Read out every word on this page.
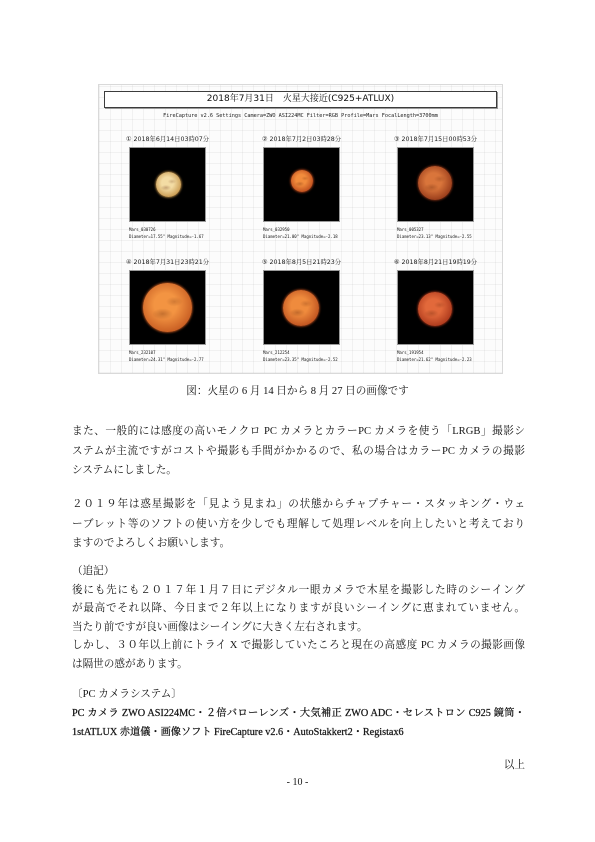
2018年7月31日　火星大接近(C925+ATLUX)
FireCapture v2.6 Settings Camera=ZWO ASI224MC Filter=RGB Profile=Mars FocalLength=3700mm
① 2018年6月14日03時07分
Mars_030726
Diameter=17.55" Magnitude=-1.67
② 2018年7月2日03時28分
Mars_032950
Diameter=21.00" Magnitude=-2.18
③ 2018年7月15日00時53分
Mars_005327
Diameter=23.13" Magnitude=-2.55
④ 2018年7月31日23時21分
Mars_232107
Diameter=24.31" Magnitude=-2.77
⑤ 2018年8月5日21時23分
Mars_212254
Diameter=23.35" Magnitude=-2.52
⑥ 2018年8月21日19時19分
Mars_191954
Diameter=21.62" Magnitude=-2.23
図：火星の 6 月 14 日から 8 月 27 日の画像です
また、一般的には感度の高いモノクロ PC カメラとカラーPC カメラを使う「LRGB」撮影シ
ステムが主流ですがコストや撮影も手間がかかるので、私の場合はカラーPC カメラの撮影
システムにしました。
２０１９年は惑星撮影を「見よう見まね」の状態からチャプチャー・スタッキング・ウェ
ーブレット等のソフトの使い方を少しでも理解して処理レベルを向上したいと考えており
ますのでよろしくお願いします。
（追記）
後にも先にも２０１７年１月７日にデジタル一眼カメラで木星を撮影した時のシーイング
が最高でそれ以降、今日まで２年以上になりますが良いシーイングに恵まれていません。
当たり前ですが良い画像はシーイングに大きく左右されます。
しかし、３０年以上前にトライ X で撮影していたころと現在の高感度 PC カメラの撮影画像
は隔世の感があります。
〔PC カメラシステム〕
PC カメラ ZWO ASI224MC・２倍バローレンズ・大気補正 ZWO ADC・セレストロン C925 鏡筒・
1stATLUX 赤道儀・画像ソフト FireCapture v2.6・AutoStakkert2・Registax6
以上
- 10 -
